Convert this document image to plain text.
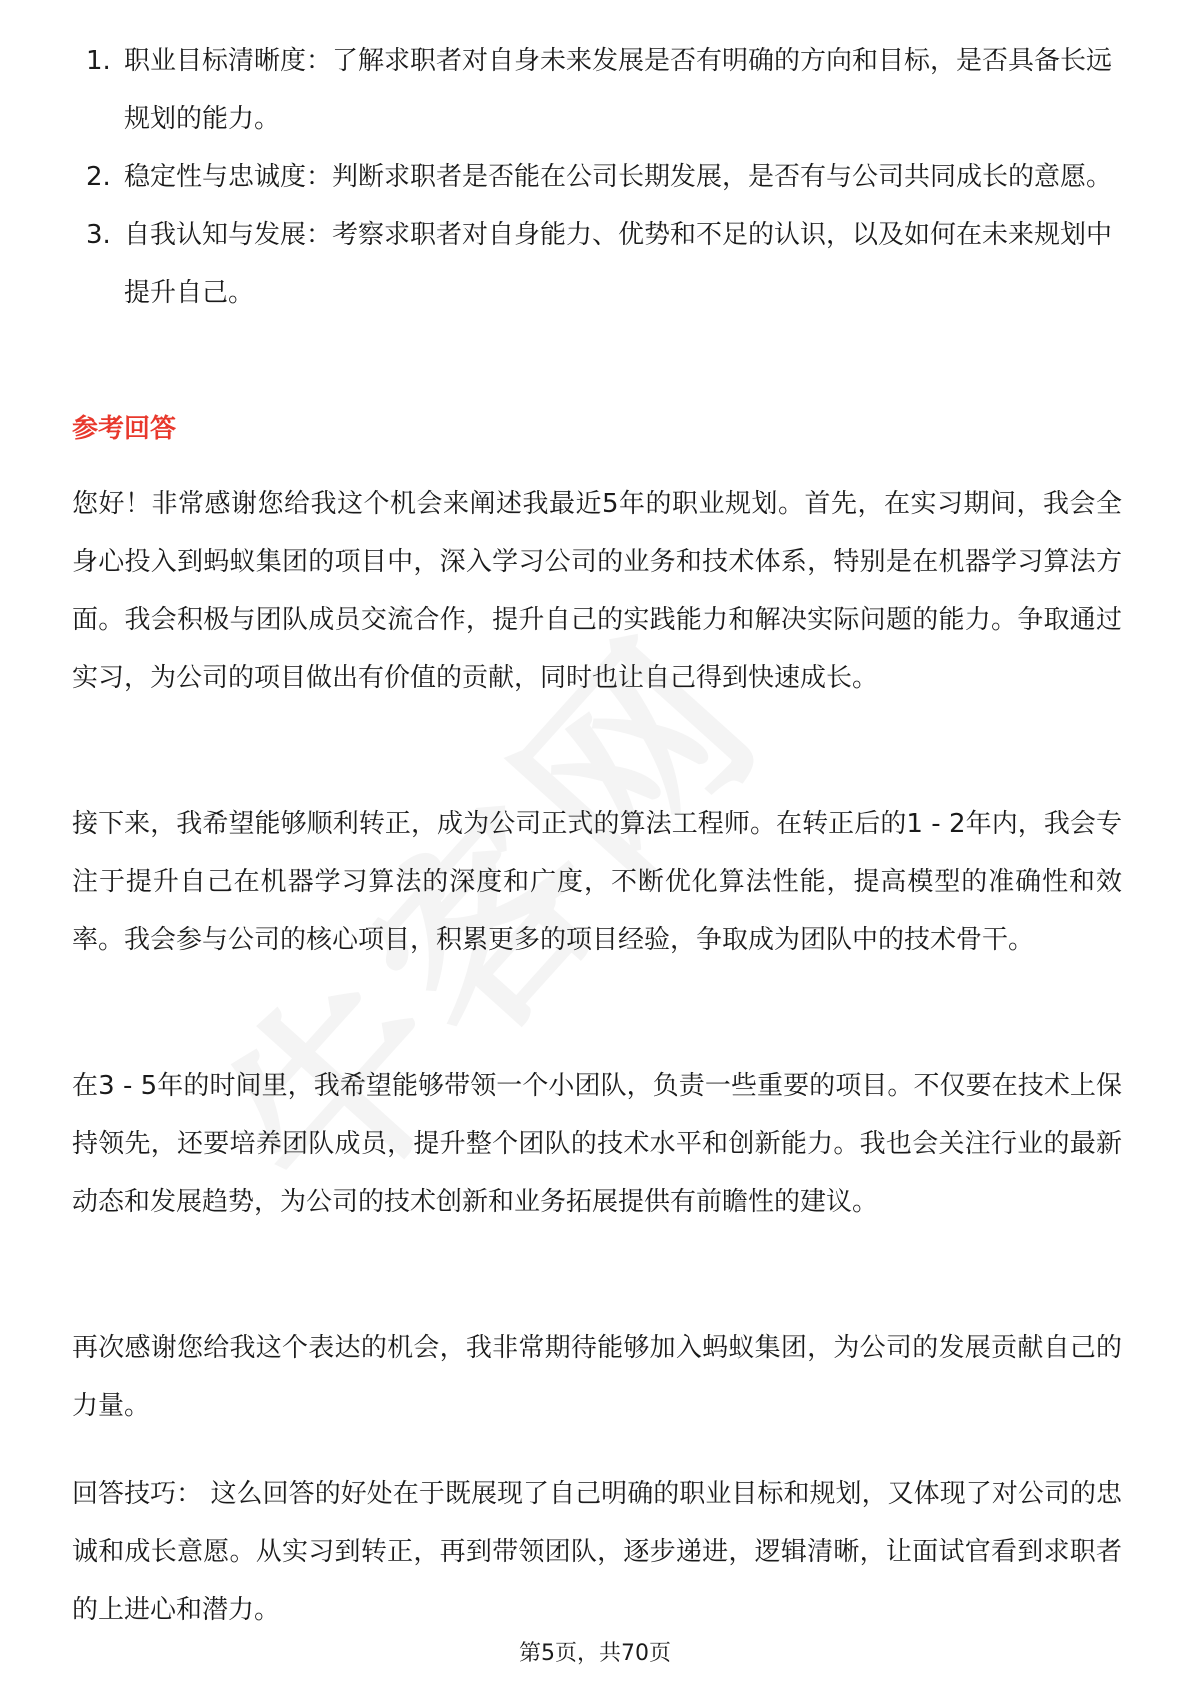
1. 职业目标清晰度：了解求职者对自身未来发展是否有明确的方向和目标，是否具备长远规划的能力。
2. 稳定性与忠诚度：判断求职者是否能在公司长期发展，是否有与公司共同成长的意愿。
3. 自我认知与发展：考察求职者对自身能力、优势和不足的认识，以及如何在未来规划中提升自己。
参考回答

您好！非常感谢您给我这个机会来阐述我最近5年的职业规划。首先，在实习期间，我会全身心投入到蚂蚁集团的项目中，深入学习公司的业务和技术体系，特别是在机器学习算法方面。我会积极与团队成员交流合作，提升自己的实践能力和解决实际问题的能力。争取通过实习，为公司的项目做出有价值的贡献，同时也让自己得到快速成长。

接下来，我希望能够顺利转正，成为公司正式的算法工程师。在转正后的1 - 2年内，我会专注于提升自己在机器学习算法的深度和广度，不断优化算法性能，提高模型的准确性和效率。我会参与公司的核心项目，积累更多的项目经验，争取成为团队中的技术骨干。

在3 - 5年的时间里，我希望能够带领一个小团队，负责一些重要的项目。不仅要在技术上保持领先，还要培养团队成员，提升整个团队的技术水平和创新能力。我也会关注行业的最新动态和发展趋势，为公司的技术创新和业务拓展提供有前瞻性的建议。

再次感谢您给我这个表达的机会，我非常期待能够加入蚂蚁集团，为公司的发展贡献自己的力量。

回答技巧： 这么回答的好处在于既展现了自己明确的职业目标和规划，又体现了对公司的忠诚和成长意愿。从实习到转正，再到带领团队，逐步递进，逻辑清晰，让面试官看到求职者的上进心和潜力。

第5页，共70页
